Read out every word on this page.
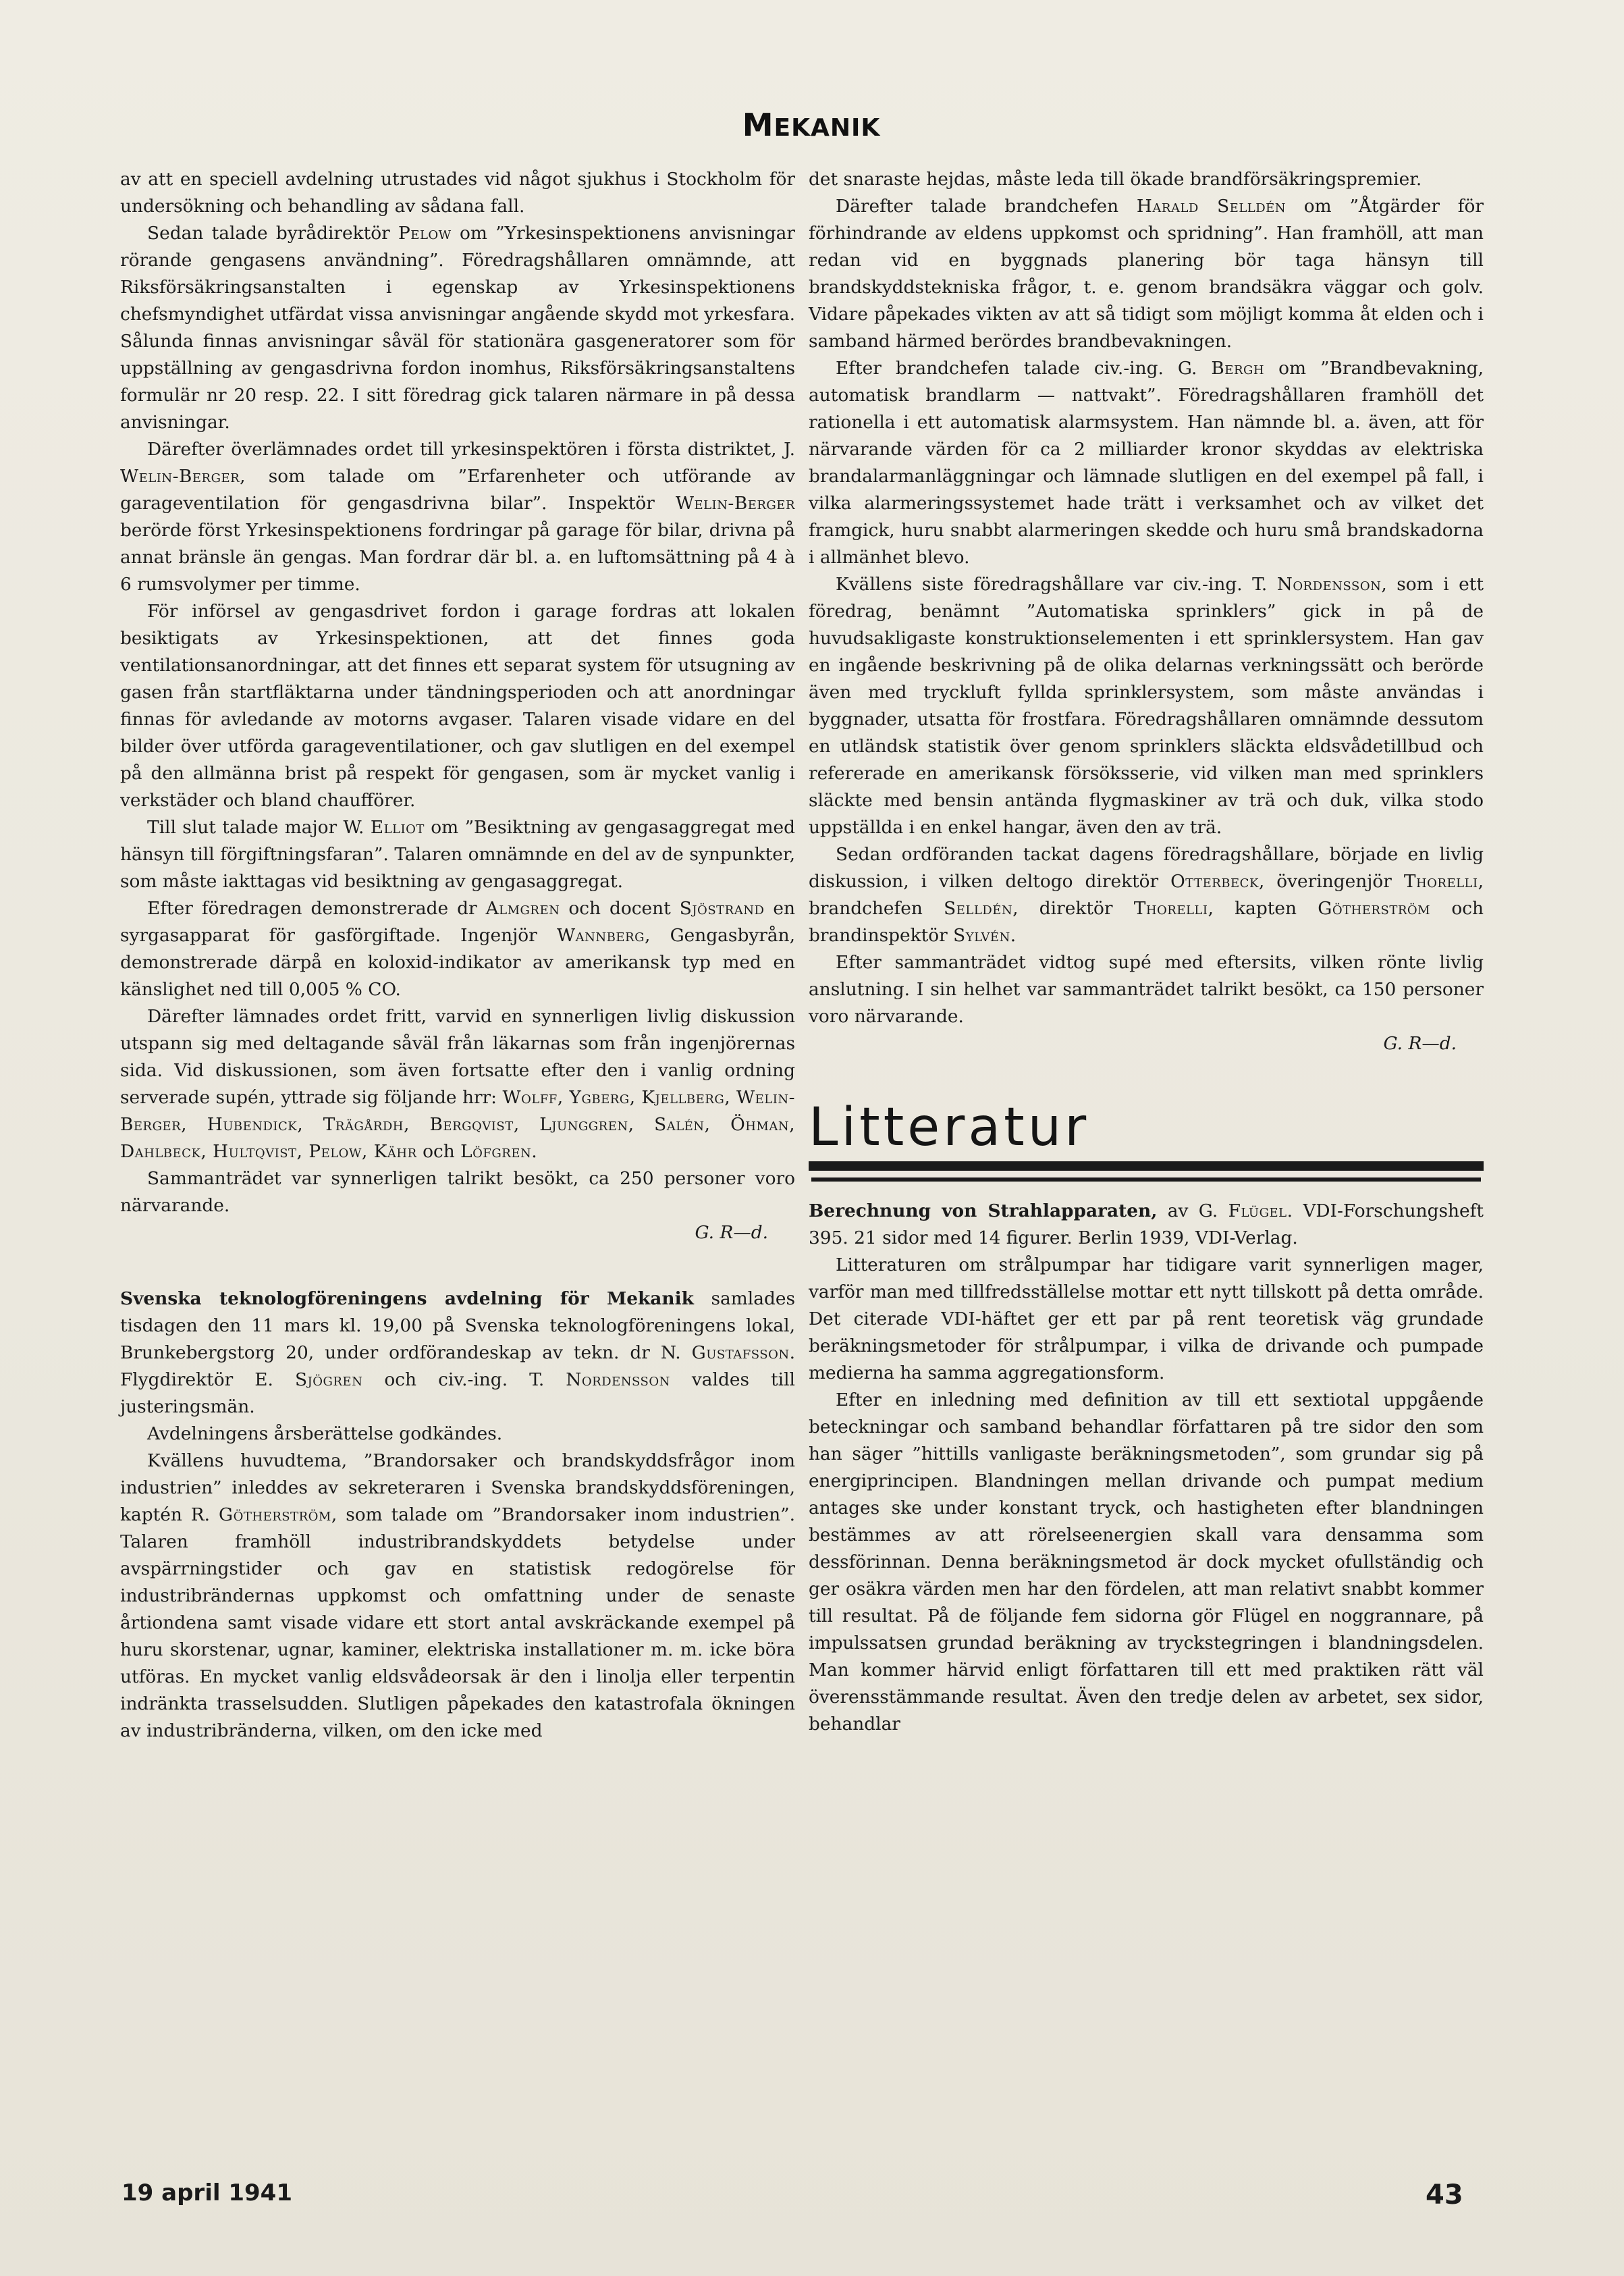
MEKANIK

av att en speciell avdelning utrustades vid något sjukhus i Stockholm för undersökning och behandling av sådana fall.

Sedan talade byrådirektör Pelow om ”Yrkesinspektionens anvisningar rörande gengasens användning”. Föredragshållaren omnämnde, att Riksförsäkringsanstalten i egenskap av Yrkesinspektionens chefsmyndighet utfärdat vissa anvisningar angående skydd mot yrkesfara. Sålunda finnas anvisningar såväl för stationära gasgeneratorer som för uppställning av gengasdrivna fordon inomhus, Riksförsäkringsanstaltens formulär nr 20 resp. 22. I sitt föredrag gick talaren närmare in på dessa anvisningar.

Därefter överlämnades ordet till yrkesinspektören i första distriktet, J. Welin-Berger, som talade om ”Erfarenheter och utförande av garageventilation för gengasdrivna bilar”. Inspektör Welin-Berger berörde först Yrkesinspektionens fordringar på garage för bilar, drivna på annat bränsle än gengas. Man fordrar där bl. a. en luftomsättning på 4 à 6 rumsvolymer per timme.

För införsel av gengasdrivet fordon i garage fordras att lokalen besiktigats av Yrkesinspektionen, att det finnes goda ventilationsanordningar, att det finnes ett separat system för utsugning av gasen från startfläktarna under tändningsperioden och att anordningar finnas för avledande av motorns avgaser. Talaren visade vidare en del bilder över utförda garageventilationer, och gav slutligen en del exempel på den allmänna brist på respekt för gengasen, som är mycket vanlig i verkstäder och bland chaufförer.

Till slut talade major W. Elliot om ”Besiktning av gengasaggregat med hänsyn till förgiftningsfaran”. Talaren omnämnde en del av de synpunkter, som måste iakttagas vid besiktning av gengasaggregat.

Efter föredragen demonstrerade dr Almgren och docent Sjöstrand en syrgasapparat för gasförgiftade. Ingenjör Wannberg, Gengasbyrån, demonstrerade därpå en koloxid-indikator av amerikansk typ med en känslighet ned till 0,005 % CO.

Därefter lämnades ordet fritt, varvid en synnerligen livlig diskussion utspann sig med deltagande såväl från läkarnas som från ingenjörernas sida. Vid diskussionen, som även fortsatte efter den i vanlig ordning serverade supén, yttrade sig följande hrr: Wolff, Ygberg, Kjellberg, Welin-Berger, Hubendick, Trägårdh, Bergqvist, Ljunggren, Salén, Öhman, Dahlbeck, Hultqvist, Pelow, Kähr och Löfgren.

Sammanträdet var synnerligen talrikt besökt, ca 250 personer voro närvarande.

G. R—d.

Svenska teknologföreningens avdelning för Mekanik samlades tisdagen den 11 mars kl. 19,00 på Svenska teknologföreningens lokal, Brunkebergstorg 20, under ordförandeskap av tekn. dr N. Gustafsson. Flygdirektör E. Sjögren och civ.-ing. T. Nordensson valdes till justeringsmän.

Avdelningens årsberättelse godkändes.

Kvällens huvudtema, ”Brandorsaker och brandskyddsfrågor inom industrien” inleddes av sekreteraren i Svenska brandskyddsföreningen, kaptén R. Götherström, som talade om ”Brandorsaker inom industrien”. Talaren framhöll industribrandskyddets betydelse under avspärrningstider och gav en statistisk redogörelse för industribrändernas uppkomst och omfattning under de senaste årtiondena samt visade vidare ett stort antal avskräckande exempel på huru skorstenar, ugnar, kaminer, elektriska installationer m. m. icke böra utföras. En mycket vanlig eldsvådeorsak är den i linolja eller terpentin indränkta trasselsudden. Slutligen påpekades den katastrofala ökningen av industribränderna, vilken, om den icke med

det snaraste hejdas, måste leda till ökade brandförsäkringspremier.

Därefter talade brandchefen Harald Selldén om ”Åtgärder för förhindrande av eldens uppkomst och spridning”. Han framhöll, att man redan vid en byggnads planering bör taga hänsyn till brandskyddstekniska frågor, t. e. genom brandsäkra väggar och golv. Vidare påpekades vikten av att så tidigt som möjligt komma åt elden och i samband härmed berördes brandbevakningen.

Efter brandchefen talade civ.-ing. G. Bergh om ”Brandbevakning, automatisk brandlarm — nattvakt”. Föredragshållaren framhöll det rationella i ett automatisk alarmsystem. Han nämnde bl. a. även, att för närvarande värden för ca 2 milliarder kronor skyddas av elektriska brandalarmanläggningar och lämnade slutligen en del exempel på fall, i vilka alarmeringssystemet hade trätt i verksamhet och av vilket det framgick, huru snabbt alarmeringen skedde och huru små brandskadorna i allmänhet blevo.

Kvällens siste föredragshållare var civ.-ing. T. Nordensson, som i ett föredrag, benämnt ”Automatiska sprinklers” gick in på de huvudsakligaste konstruktionselementen i ett sprinklersystem. Han gav en ingående beskrivning på de olika delarnas verkningssätt och berörde även med tryckluft fyllda sprinklersystem, som måste användas i byggnader, utsatta för frostfara. Föredragshållaren omnämnde dessutom en utländsk statistik över genom sprinklers släckta eldsvådetillbud och refererade en amerikansk försöksserie, vid vilken man med sprinklers släckte med bensin antända flygmaskiner av trä och duk, vilka stodo uppställda i en enkel hangar, även den av trä.

Sedan ordföranden tackat dagens föredragshållare, började en livlig diskussion, i vilken deltogo direktör Otterbeck, överingenjör Thorelli, brandchefen Selldén, direktör Thorelli, kapten Götherström och brandinspektör Sylvén.

Efter sammanträdet vidtog supé med eftersits, vilken rönte livlig anslutning. I sin helhet var sammanträdet talrikt besökt, ca 150 personer voro närvarande.

G. R—d.

Litteratur

Berechnung von Strahlapparaten, av G. Flügel. VDI-Forschungsheft 395. 21 sidor med 14 figurer. Berlin 1939, VDI-Verlag.

Litteraturen om strålpumpar har tidigare varit synnerligen mager, varför man med tillfredsställelse mottar ett nytt tillskott på detta område. Det citerade VDI-häftet ger ett par på rent teoretisk väg grundade beräkningsmetoder för strålpumpar, i vilka de drivande och pumpade medierna ha samma aggregationsform.

Efter en inledning med definition av till ett sextiotal uppgående beteckningar och samband behandlar författaren på tre sidor den som han säger ”hittills vanligaste beräkningsmetoden”, som grundar sig på energiprincipen. Blandningen mellan drivande och pumpat medium antages ske under konstant tryck, och hastigheten efter blandningen bestämmes av att rörelseenergien skall vara densamma som dessförinnan. Denna beräkningsmetod är dock mycket ofullständig och ger osäkra värden men har den fördelen, att man relativt snabbt kommer till resultat. På de följande fem sidorna gör Flügel en noggrannare, på impulssatsen grundad beräkning av tryckstegringen i blandningsdelen. Man kommer härvid enligt författaren till ett med praktiken rätt väl överensstämmande resultat. Även den tredje delen av arbetet, sex sidor, behandlar

19 april 1941	43
